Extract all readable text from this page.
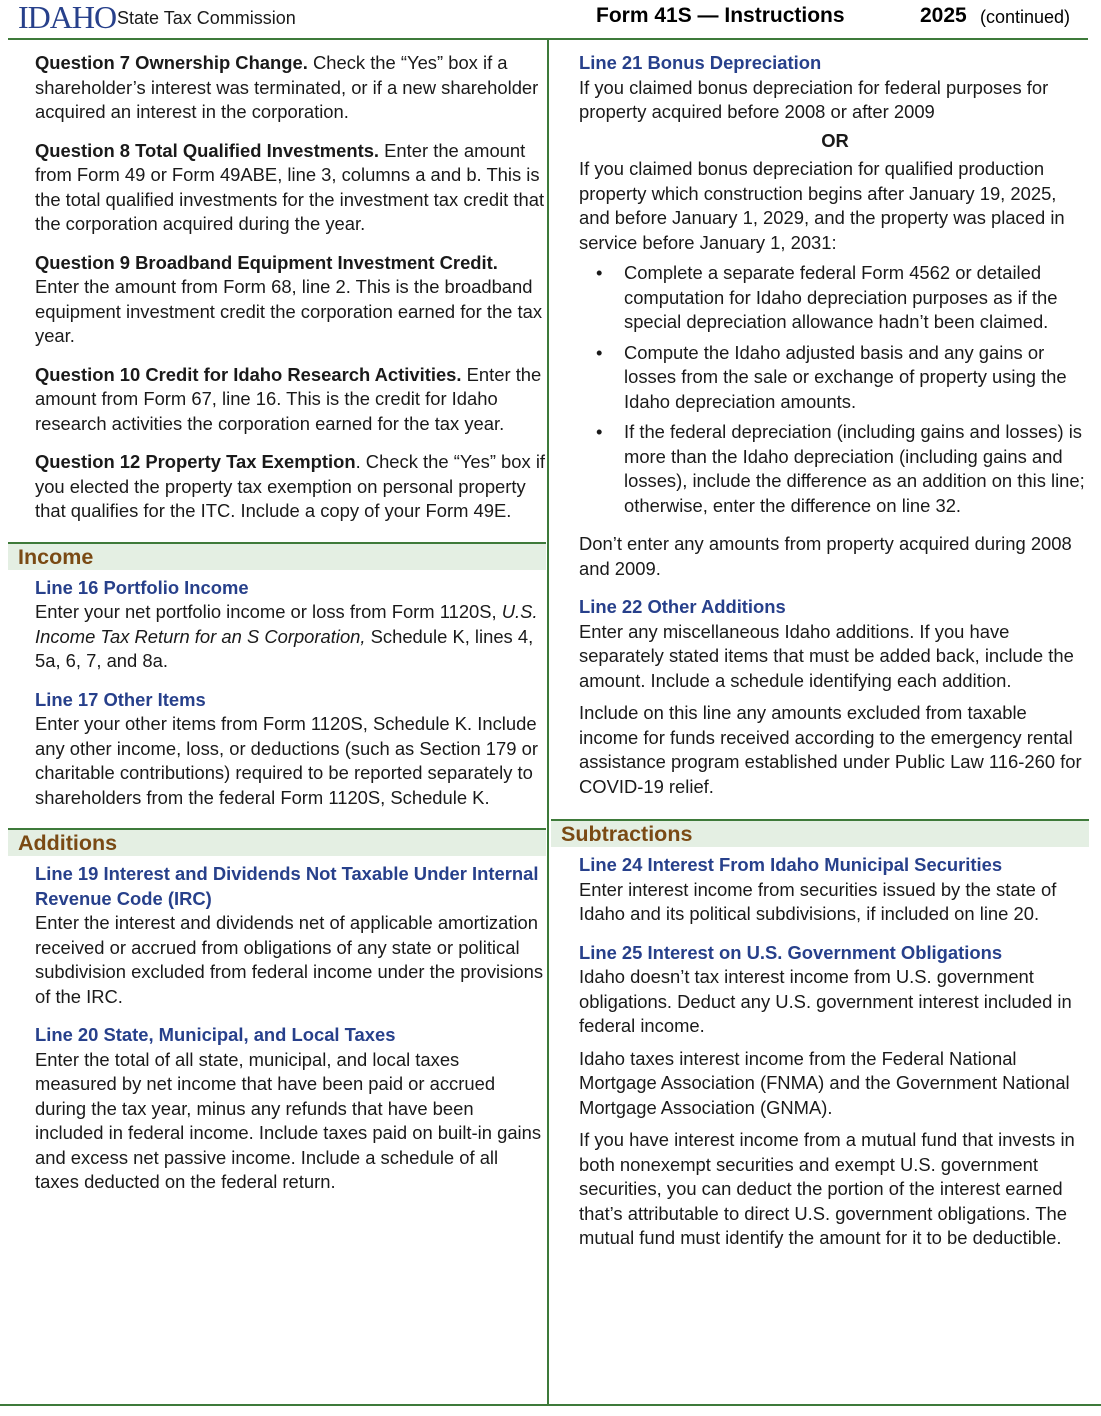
IDAHO State Tax Commission	Form 41S — Instructions	2025 (continued)

Question 7 Ownership Change. Check the “Yes” box if a shareholder’s interest was terminated, or if a new shareholder acquired an interest in the corporation.

Question 8 Total Qualified Investments. Enter the amount from Form 49 or Form 49ABE, line 3, columns a and b. This is the total qualified investments for the investment tax credit that the corporation acquired during the year.

Question 9 Broadband Equipment Investment Credit. Enter the amount from Form 68, line 2. This is the broadband equipment investment credit the corporation earned for the tax year.

Question 10 Credit for Idaho Research Activities. Enter the amount from Form 67, line 16. This is the credit for Idaho research activities the corporation earned for the tax year.

Question 12 Property Tax Exemption. Check the “Yes” box if you elected the property tax exemption on personal property that qualifies for the ITC. Include a copy of your Form 49E.

Income

Line 16 Portfolio Income
Enter your net portfolio income or loss from Form 1120S, U.S. Income Tax Return for an S Corporation, Schedule K, lines 4, 5a, 6, 7, and 8a.

Line 17 Other Items
Enter your other items from Form 1120S, Schedule K. Include any other income, loss, or deductions (such as Section 179 or charitable contributions) required to be reported separately to shareholders from the federal Form 1120S, Schedule K.

Additions

Line 19 Interest and Dividends Not Taxable Under Internal Revenue Code (IRC)
Enter the interest and dividends net of applicable amortization received or accrued from obligations of any state or political subdivision excluded from federal income under the provisions of the IRC.

Line 20 State, Municipal, and Local Taxes
Enter the total of all state, municipal, and local taxes measured by net income that have been paid or accrued during the tax year, minus any refunds that have been included in federal income. Include taxes paid on built-in gains and excess net passive income. Include a schedule of all taxes deducted on the federal return.

Line 21 Bonus Depreciation
If you claimed bonus depreciation for federal purposes for property acquired before 2008 or after 2009

OR

If you claimed bonus depreciation for qualified production property which construction begins after January 19, 2025, and before January 1, 2029, and the property was placed in service before January 1, 2031:

• Complete a separate federal Form 4562 or detailed computation for Idaho depreciation purposes as if the special depreciation allowance hadn’t been claimed.
• Compute the Idaho adjusted basis and any gains or losses from the sale or exchange of property using the Idaho depreciation amounts.
• If the federal depreciation (including gains and losses) is more than the Idaho depreciation (including gains and losses), include the difference as an addition on this line; otherwise, enter the difference on line 32.

Don’t enter any amounts from property acquired during 2008 and 2009.

Line 22 Other Additions
Enter any miscellaneous Idaho additions. If you have separately stated items that must be added back, include the amount. Include a schedule identifying each addition.

Include on this line any amounts excluded from taxable income for funds received according to the emergency rental assistance program established under Public Law 116-260 for COVID-19 relief.

Subtractions

Line 24 Interest From Idaho Municipal Securities
Enter interest income from securities issued by the state of Idaho and its political subdivisions, if included on line 20.

Line 25 Interest on U.S. Government Obligations
Idaho doesn’t tax interest income from U.S. government obligations. Deduct any U.S. government interest included in federal income.

Idaho taxes interest income from the Federal National Mortgage Association (FNMA) and the Government National Mortgage Association (GNMA).

If you have interest income from a mutual fund that invests in both nonexempt securities and exempt U.S. government securities, you can deduct the portion of the interest earned that’s attributable to direct U.S. government obligations. The mutual fund must identify the amount for it to be deductible.
